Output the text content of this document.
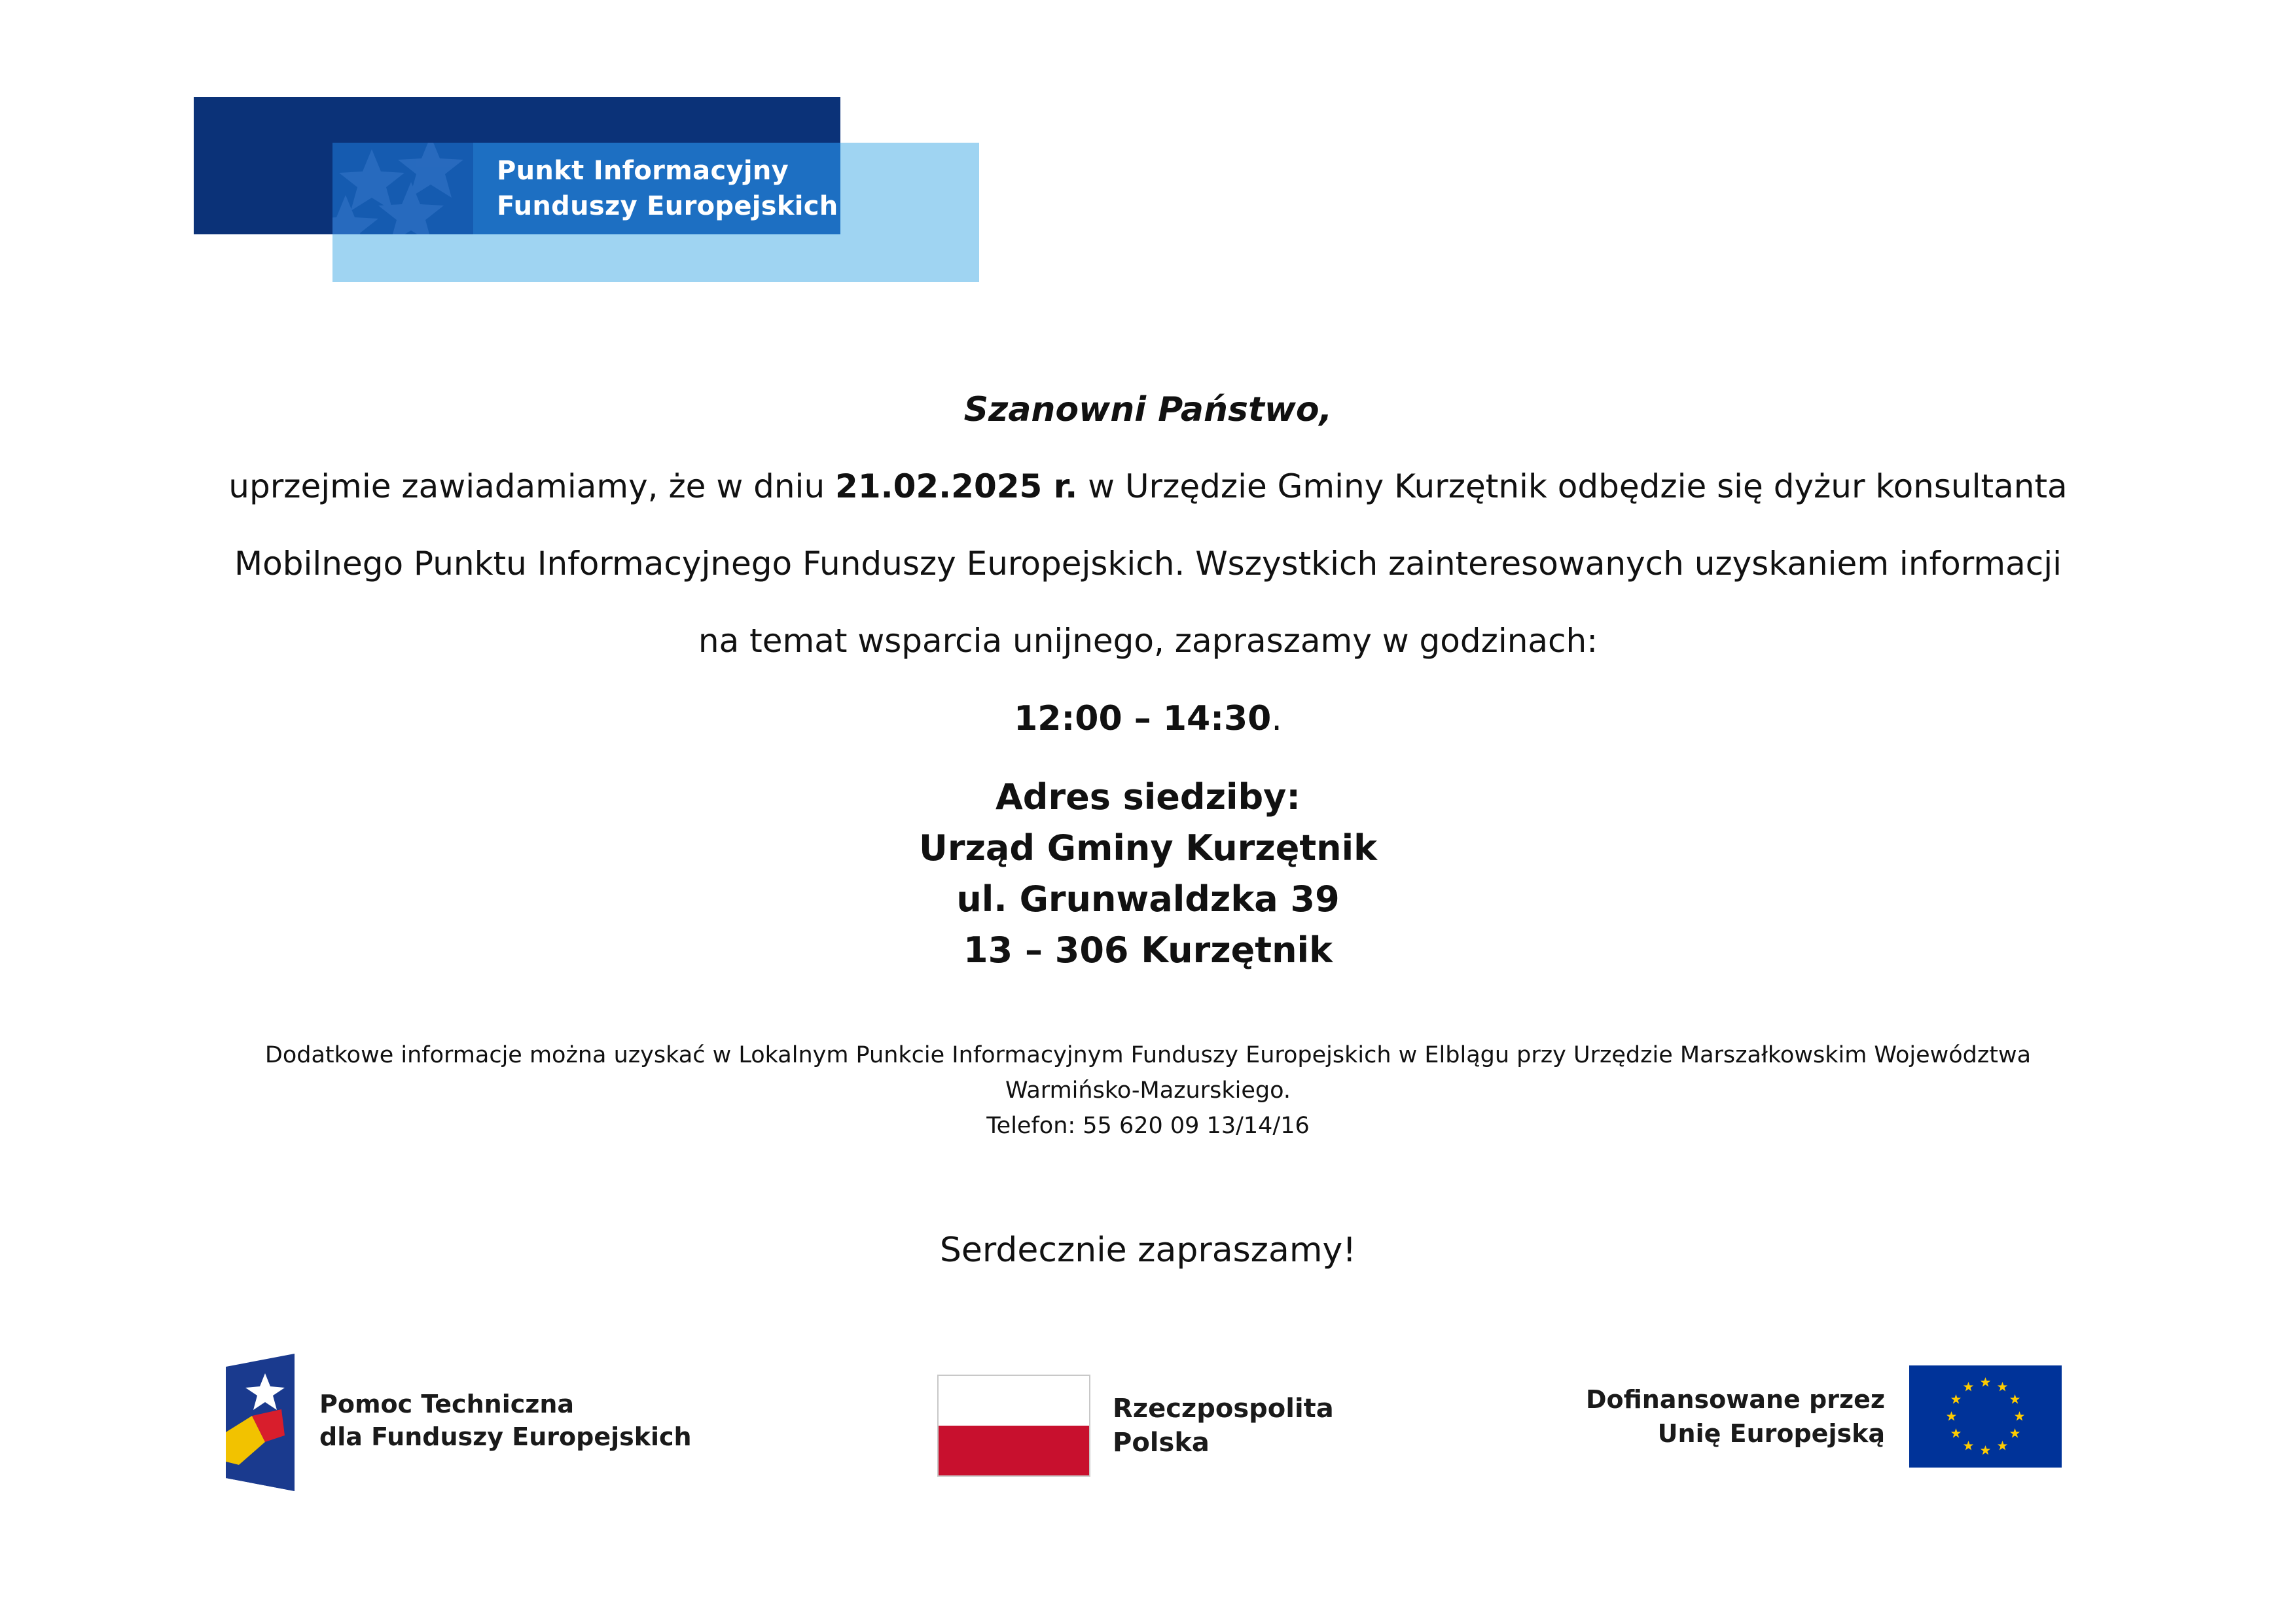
Punkt Informacyjny
Funduszy Europejskich
Szanowni Państwo,
uprzejmie zawiadamiamy, że w dniu 21.02.2025 r. w Urzędzie Gminy Kurzętnik odbędzie się dyżur konsultanta
Mobilnego Punktu Informacyjnego Funduszy Europejskich. Wszystkich zainteresowanych uzyskaniem informacji
na temat wsparcia unijnego, zapraszamy w godzinach:
12:00 – 14:30.
Adres siedziby:
Urząd Gminy Kurzętnik
ul. Grunwaldzka 39
13 – 306 Kurzętnik
Dodatkowe informacje można uzyskać w Lokalnym Punkcie Informacyjnym Funduszy Europejskich w Elblągu przy Urzędzie Marszałkowskim Województwa
Warmińsko-Mazurskiego.
Telefon: 55 620 09 13/14/16
Serdecznie zapraszamy!
Pomoc Techniczna
dla Funduszy Europejskich
Rzeczpospolita
Polska
Dofinansowane przez
Unię Europejską
